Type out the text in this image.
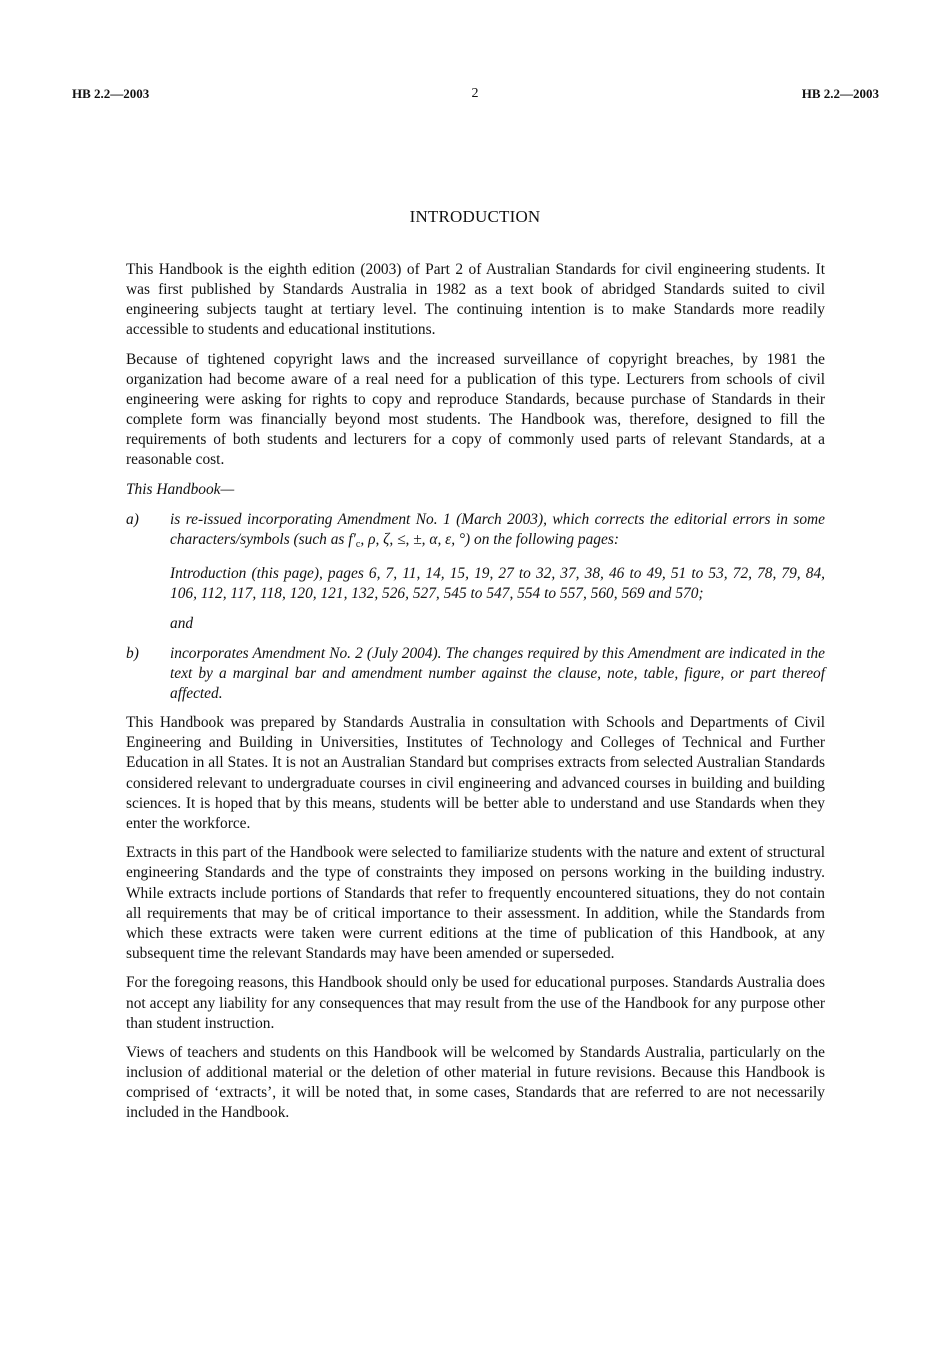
HB 2.2—2003	2	HB 2.2—2003
INTRODUCTION

This Handbook is the eighth edition (2003) of Part 2 of Australian Standards for civil engineering students. It was first published by Standards Australia in 1982 as a text book of abridged Standards suited to civil engineering subjects taught at tertiary level. The continuing intention is to make Standards more readily accessible to students and educational institutions.

Because of tightened copyright laws and the increased surveillance of copyright breaches, by 1981 the organization had become aware of a real need for a publication of this type. Lecturers from schools of civil engineering were asking for rights to copy and reproduce Standards, because purchase of Standards in their complete form was financially beyond most students. The Handbook was, therefore, designed to fill the requirements of both students and lecturers for a copy of commonly used parts of relevant Standards, at a reasonable cost.

This Handbook—

a) is re-issued incorporating Amendment No. 1 (March 2003), which corrects the editorial errors in some characters/symbols (such as $f'_c$, ρ, ζ, ≤, ±, α, ε, °) on the following pages:

Introduction (this page), pages 6, 7, 11, 14, 15, 19, 27 to 32, 37, 38, 46 to 49, 51 to 53, 72, 78, 79, 84, 106, 112, 117, 118, 120, 121, 132, 526, 527, 545 to 547, 554 to 557, 560, 569 and 570;

and

b) incorporates Amendment No. 2 (July 2004). The changes required by this Amendment are indicated in the text by a marginal bar and amendment number against the clause, note, table, figure, or part thereof affected.

This Handbook was prepared by Standards Australia in consultation with Schools and Departments of Civil Engineering and Building in Universities, Institutes of Technology and Colleges of Technical and Further Education in all States. It is not an Australian Standard but comprises extracts from selected Australian Standards considered relevant to undergraduate courses in civil engineering and advanced courses in building and building sciences. It is hoped that by this means, students will be better able to understand and use Standards when they enter the workforce.

Extracts in this part of the Handbook were selected to familiarize students with the nature and extent of structural engineering Standards and the type of constraints they imposed on persons working in the building industry. While extracts include portions of Standards that refer to frequently encountered situations, they do not contain all requirements that may be of critical importance to their assessment. In addition, while the Standards from which these extracts were taken were current editions at the time of publication of this Handbook, at any subsequent time the relevant Standards may have been amended or superseded.

For the foregoing reasons, this Handbook should only be used for educational purposes. Standards Australia does not accept any liability for any consequences that may result from the use of the Handbook for any purpose other than student instruction.

Views of teachers and students on this Handbook will be welcomed by Standards Australia, particularly on the inclusion of additional material or the deletion of other material in future revisions. Because this Handbook is comprised of ‘extracts’, it will be noted that, in some cases, Standards that are referred to are not necessarily included in the Handbook.
